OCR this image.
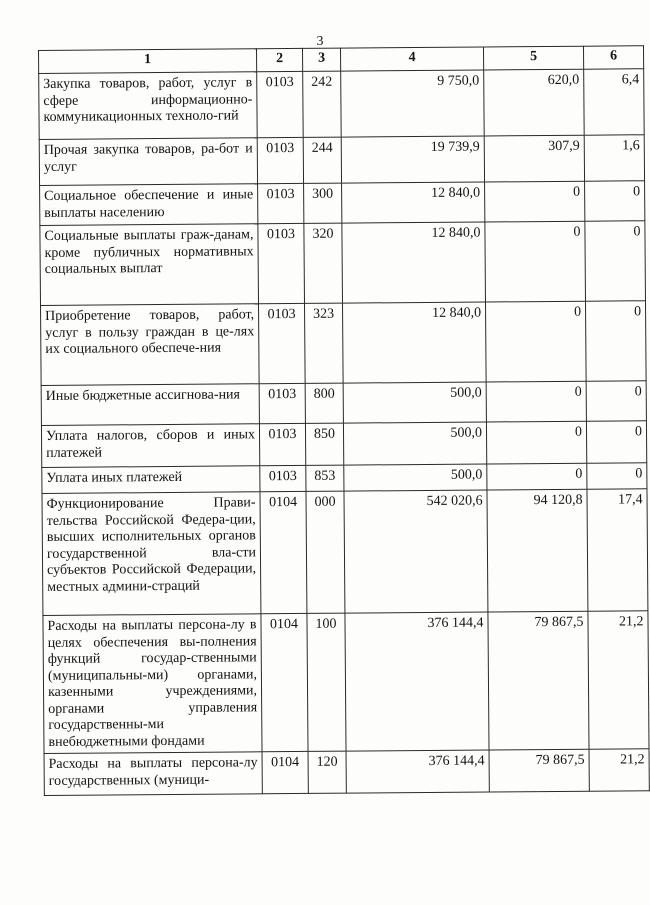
3
1	2	3	4	5	6
Закупка товаров, работ, услуг в сфере информационно-коммуникационных техноло-гий	0103	242	9 750,0	620,0	6,4
Прочая закупка товаров, ра-бот и услуг	0103	244	19 739,9	307,9	1,6
Социальное обеспечение и иные выплаты населению	0103	300	12 840,0	0	0
Социальные выплаты граж-данам, кроме публичных нормативных социальных выплат	0103	320	12 840,0	0	0
Приобретение товаров, работ, услуг в пользу граждан в це-лях их социального обеспече-ния	0103	323	12 840,0	0	0
Иные бюджетные ассигнова-ния	0103	800	500,0	0	0
Уплата налогов, сборов и иных платежей	0103	850	500,0	0	0
Уплата иных платежей	0103	853	500,0	0	0
Функционирование Прави-тельства Российской Федера-ции, высших исполнительных органов государственной вла-сти субъектов Российской Федерации, местных админи-страций	0104	000	542 020,6	94 120,8	17,4
Расходы на выплаты персона-лу в целях обеспечения вы-полнения функций государ-ственными (муниципальны-ми) органами, казенными учреждениями, органами управления государственны-ми внебюджетными фондами	0104	100	376 144,4	79 867,5	21,2
Расходы на выплаты персона-лу государственных (муници-	0104	120	376 144,4	79 867,5	21,2
